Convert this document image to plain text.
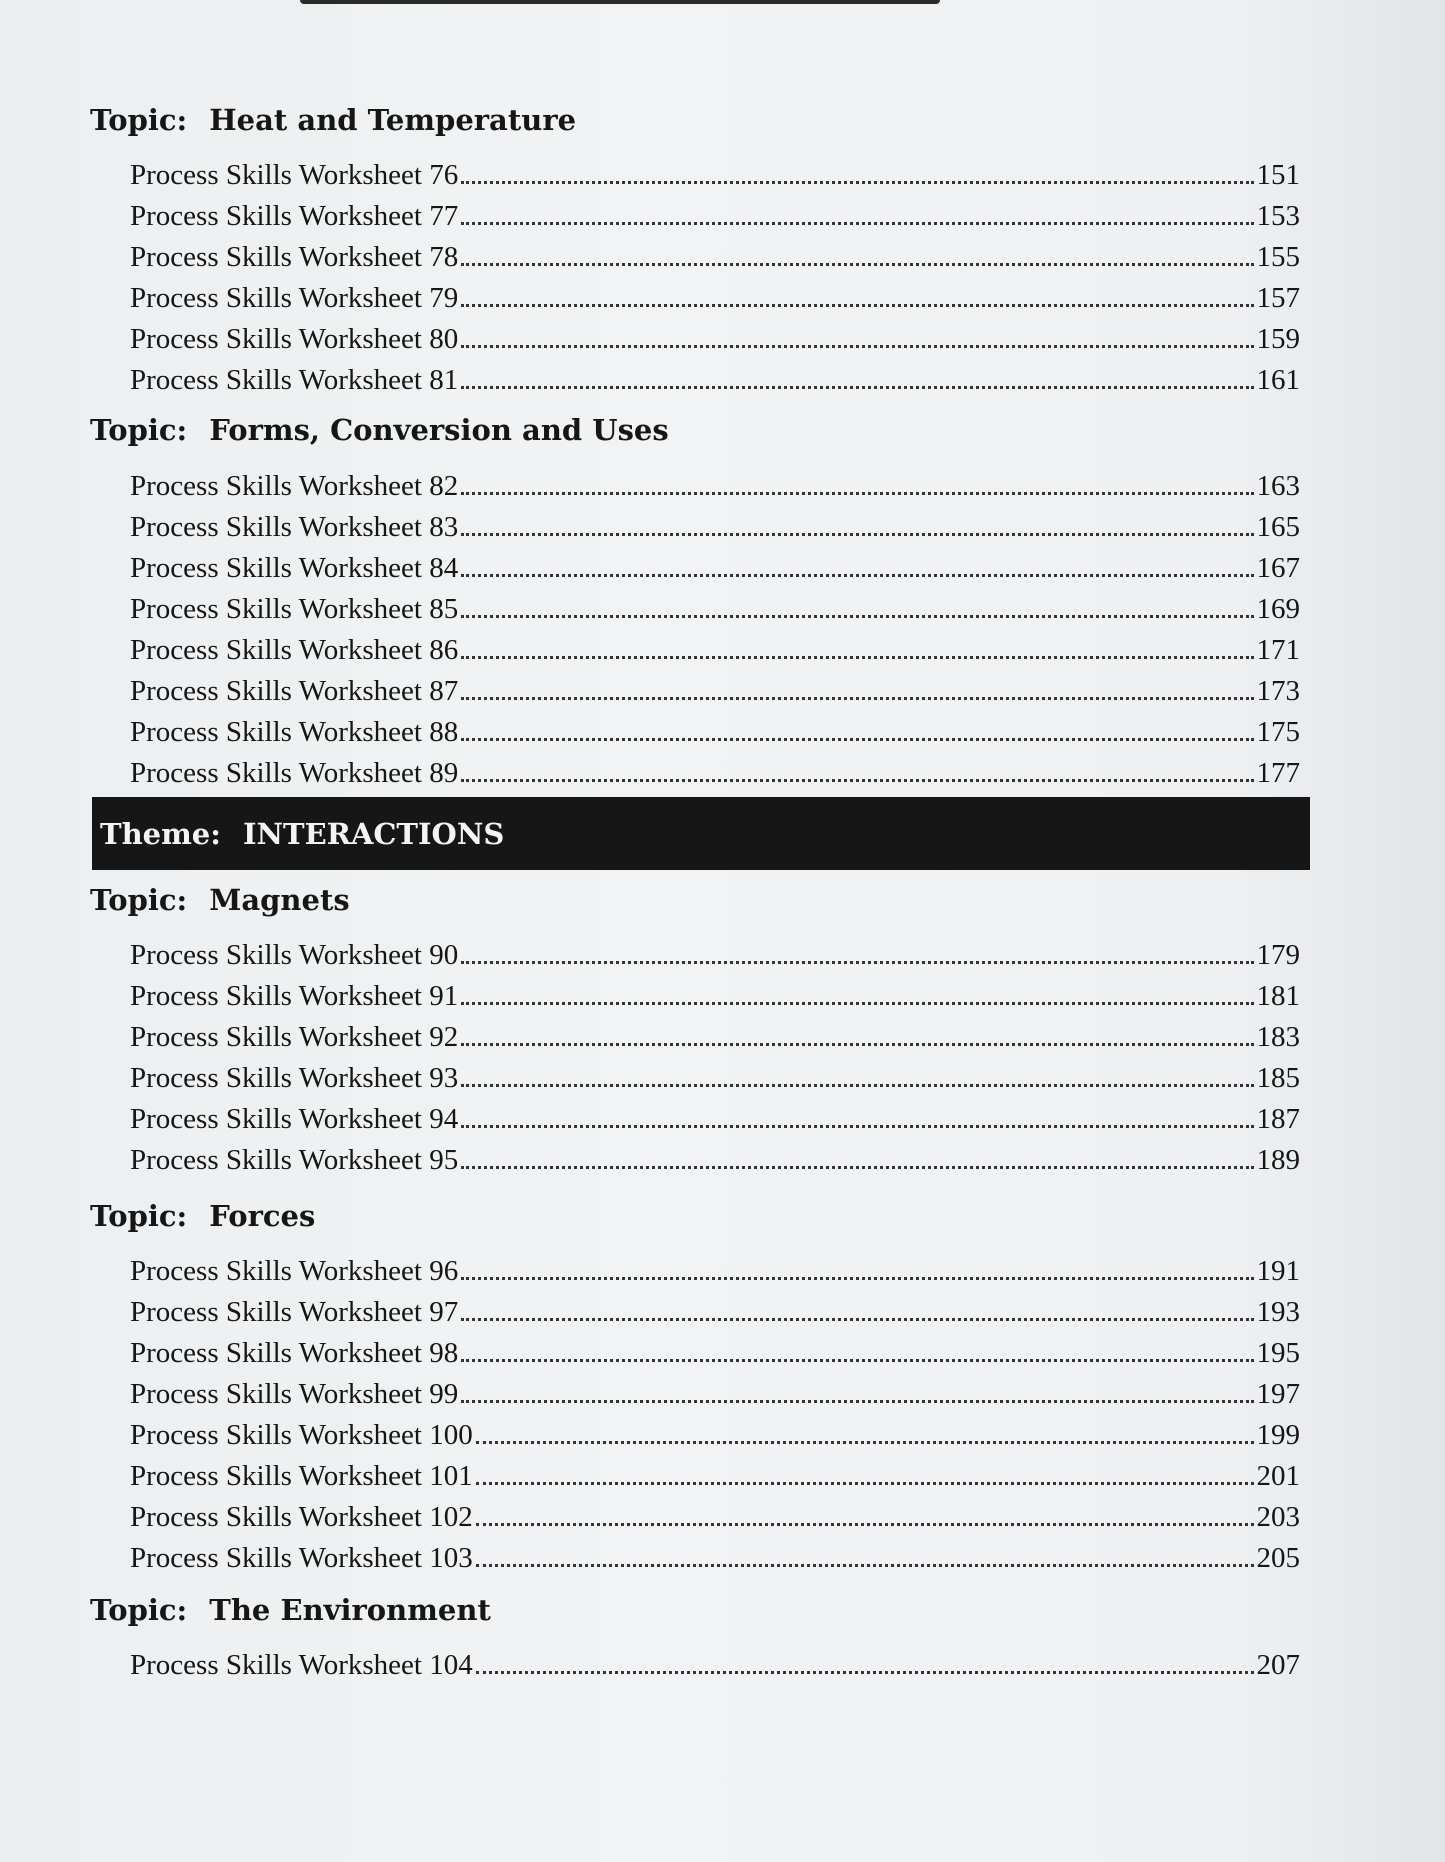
Topic: Heat and Temperature
Process Skills Worksheet 76	151
Process Skills Worksheet 77	153
Process Skills Worksheet 78	155
Process Skills Worksheet 79	157
Process Skills Worksheet 80	159
Process Skills Worksheet 81	161
Topic: Forms, Conversion and Uses
Process Skills Worksheet 82	163
Process Skills Worksheet 83	165
Process Skills Worksheet 84	167
Process Skills Worksheet 85	169
Process Skills Worksheet 86	171
Process Skills Worksheet 87	173
Process Skills Worksheet 88	175
Process Skills Worksheet 89	177
Theme: INTERACTIONS
Topic: Magnets
Process Skills Worksheet 90	179
Process Skills Worksheet 91	181
Process Skills Worksheet 92	183
Process Skills Worksheet 93	185
Process Skills Worksheet 94	187
Process Skills Worksheet 95	189
Topic: Forces
Process Skills Worksheet 96	191
Process Skills Worksheet 97	193
Process Skills Worksheet 98	195
Process Skills Worksheet 99	197
Process Skills Worksheet 100	199
Process Skills Worksheet 101	201
Process Skills Worksheet 102	203
Process Skills Worksheet 103	205
Topic: The Environment
Process Skills Worksheet 104	207
